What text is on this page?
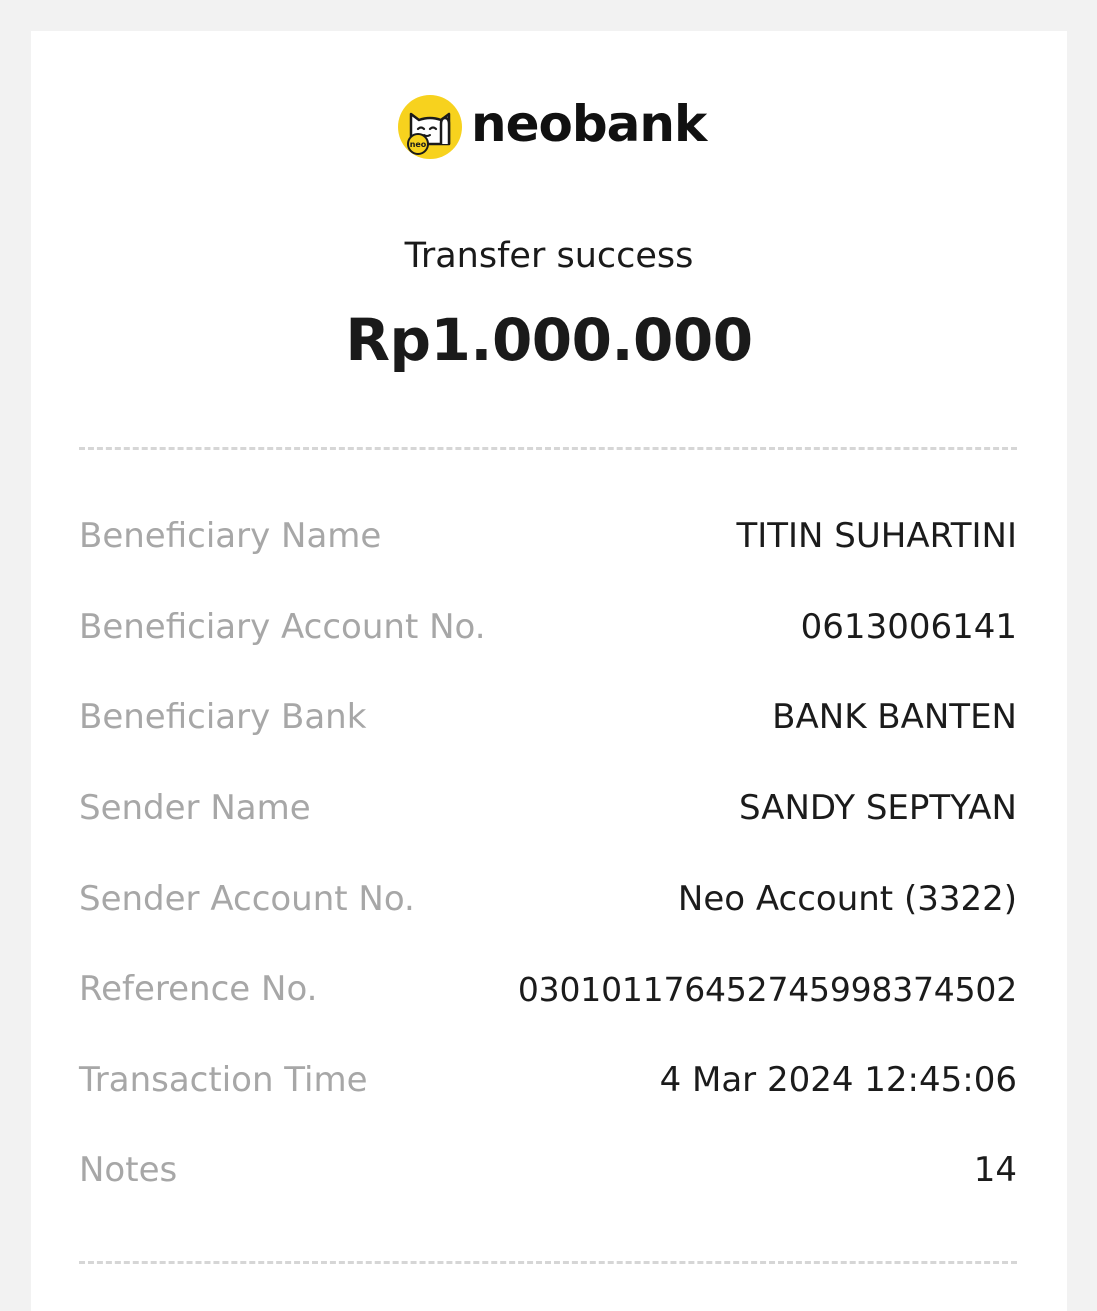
neo neobank
Transfer success
Rp1.000.000
Beneficiary Name	TITIN SUHARTINI
Beneficiary Account No.	0613006141
Beneficiary Bank	BANK BANTEN
Sender Name	SANDY SEPTYAN
Sender Account No.	Neo Account (3322)
Reference No.	030101176452745998374502
Transaction Time	4 Mar 2024 12:45:06
Notes	14
